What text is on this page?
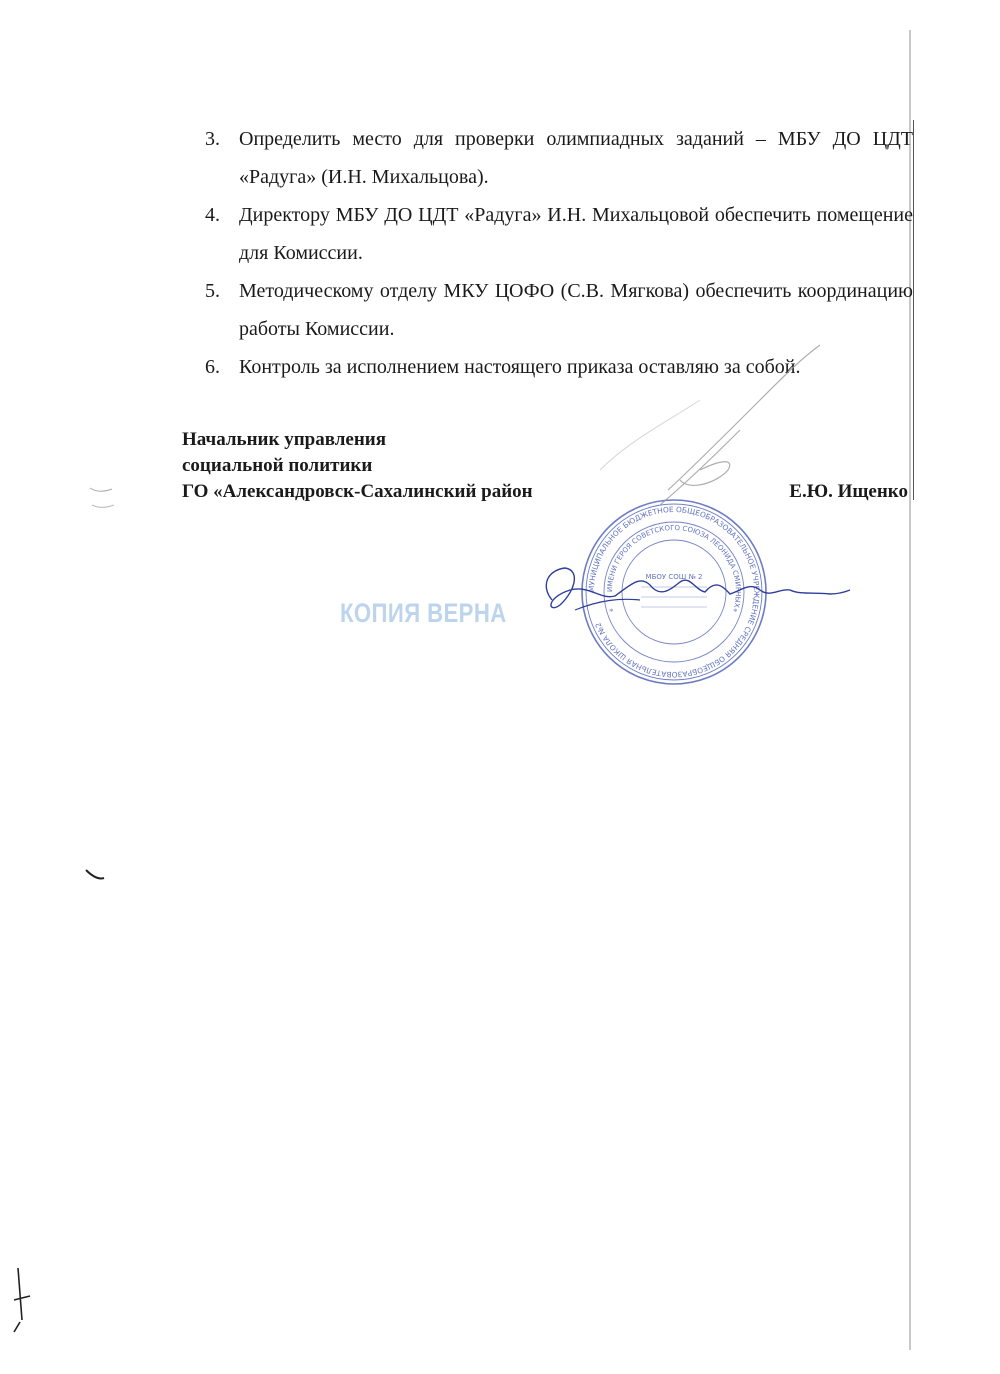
3. Определить место для проверки олимпиадных заданий – МБУ ДО ЦДТ «Радуга» (И.Н. Михальцова).
4. Директору МБУ ДО ЦДТ «Радуга» И.Н. Михальцовой обеспечить помещение для Комиссии.
5. Методическому отделу МКУ ЦОФО (С.В. Мягкова) обеспечить координацию работы Комиссии.
6. Контроль за исполнением настоящего приказа оставляю за собой.
Начальник управления
социальной политики
ГО «Александровск-Сахалинский район	Е.Ю. Ищенко
КОПИЯ ВЕРНА
МУНИЦИПАЛЬНОЕ БЮДЖЕТНОЕ ОБЩЕОБРАЗОВАТЕЛЬНОЕ УЧРЕЖДЕНИЕ СРЕДНЯЯ ОБЩЕОБРАЗОВАТЕЛЬНАЯ ШКОЛА №2
ИМЕНИ ГЕРОЯ СОВЕТСКОГО СОЮЗА ЛЕОНИДА СМИРНЫХ
МБОУ СОШ № 2
*	*
